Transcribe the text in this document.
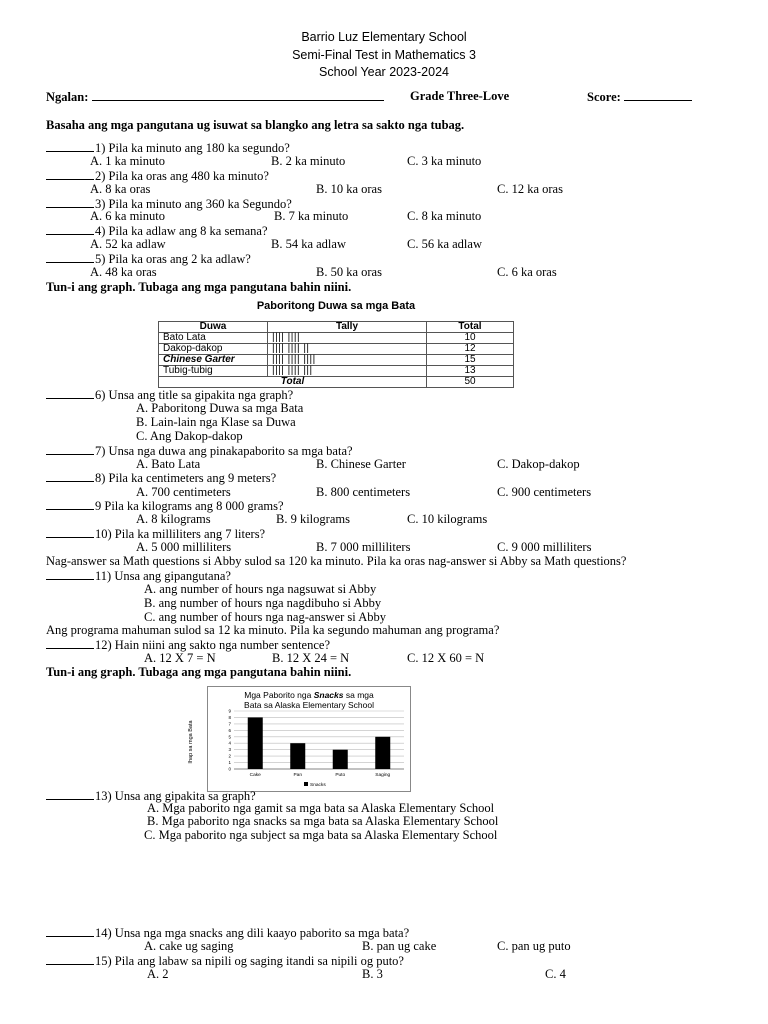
Barrio Luz Elementary School
Semi-Final Test in Mathematics 3
School Year 2023-2024
Ngalan:	Grade Three-Love	Score:
Basaha ang mga pangutana ug isuwat sa blangko ang letra sa sakto nga tubag.
1) Pila ka minuto ang 180 ka segundo?
A. 1 ka minuto	B. 2 ka minuto	C. 3 ka minuto
2) Pila ka oras ang 480 ka minuto?
A. 8 ka oras	B. 10 ka oras	C. 12 ka oras
3) Pila ka minuto ang 360 ka Segundo?
A. 6 ka minuto	B. 7 ka minuto	C. 8 ka minuto
4) Pila ka adlaw ang 8 ka semana?
A. 52 ka adlaw	B. 54 ka adlaw	C. 56 ka adlaw
5) Pila ka oras ang 2 ka adlaw?
A. 48 ka oras	B. 50 ka oras	C. 6 ka oras
Tun-i ang graph. Tubaga ang mga pangutana bahin niini.
Paboritong Duwa sa mga Bata
Duwa	Tally	Total
Bato Lata	|||| ||||	10
Dakop-dakop	|||| |||| ||	12
Chinese Garter	|||| |||| ||||	15
Tubig-tubig	|||| |||| |||	13
Total		50
6) Unsa ang title sa gipakita nga graph?
A. Paboritong Duwa sa mga Bata
B. Lain-lain nga Klase sa Duwa
C. Ang Dakop-dakop
7) Unsa nga duwa ang pinakapaborito sa mga bata?
A. Bato Lata	B. Chinese Garter	C. Dakop-dakop
8) Pila ka centimeters ang 9 meters?
A. 700 centimeters	B. 800 centimeters	C. 900 centimeters
9 Pila ka kilograms ang 8 000 grams?
A. 8 kilograms	B. 9 kilograms	C. 10 kilograms
10) Pila ka milliliters ang 7 liters?
A. 5 000 milliliters	B. 7 000 milliliters	C. 9 000 milliliters
Nag-answer sa Math questions si Abby sulod sa 120 ka minuto. Pila ka oras nag-answer si Abby sa Math questions?
11) Unsa ang gipangutana?
A. ang number of hours nga nagsuwat si Abby
B. ang number of hours nga nagdibuho si Abby
C. ang number of hours nga nag-answer si Abby
Ang programa mahuman sulod sa 12 ka minuto. Pila ka segundo mahuman ang programa?
12) Hain niini ang sakto nga number sentence?
A. 12 X 7 = N	B. 12 X 24 = N	C. 12 X 60 = N
Tun-i ang graph. Tubaga ang mga pangutana bahin niini.
Mga Paborito nga Snacks sa mga
Bata sa Alaska Elementary School
0
1
2
3
4
5
6
7
8
9
Ihap sa mga Bata
Cake	Pan	Puto	Saging
Snacks
13) Unsa ang gipakita sa graph?
A. Mga paborito nga gamit sa mga bata sa Alaska Elementary School
B. Mga paborito nga snacks sa mga bata sa Alaska Elementary School
C. Mga paborito nga subject sa mga bata sa Alaska Elementary School
14) Unsa nga mga snacks ang dili kaayo paborito sa mga bata?
A. cake ug saging	B. pan ug cake	C. pan ug puto
15) Pila ang labaw sa nipili og saging itandi sa nipili og puto?
A. 2	B. 3	C. 4
